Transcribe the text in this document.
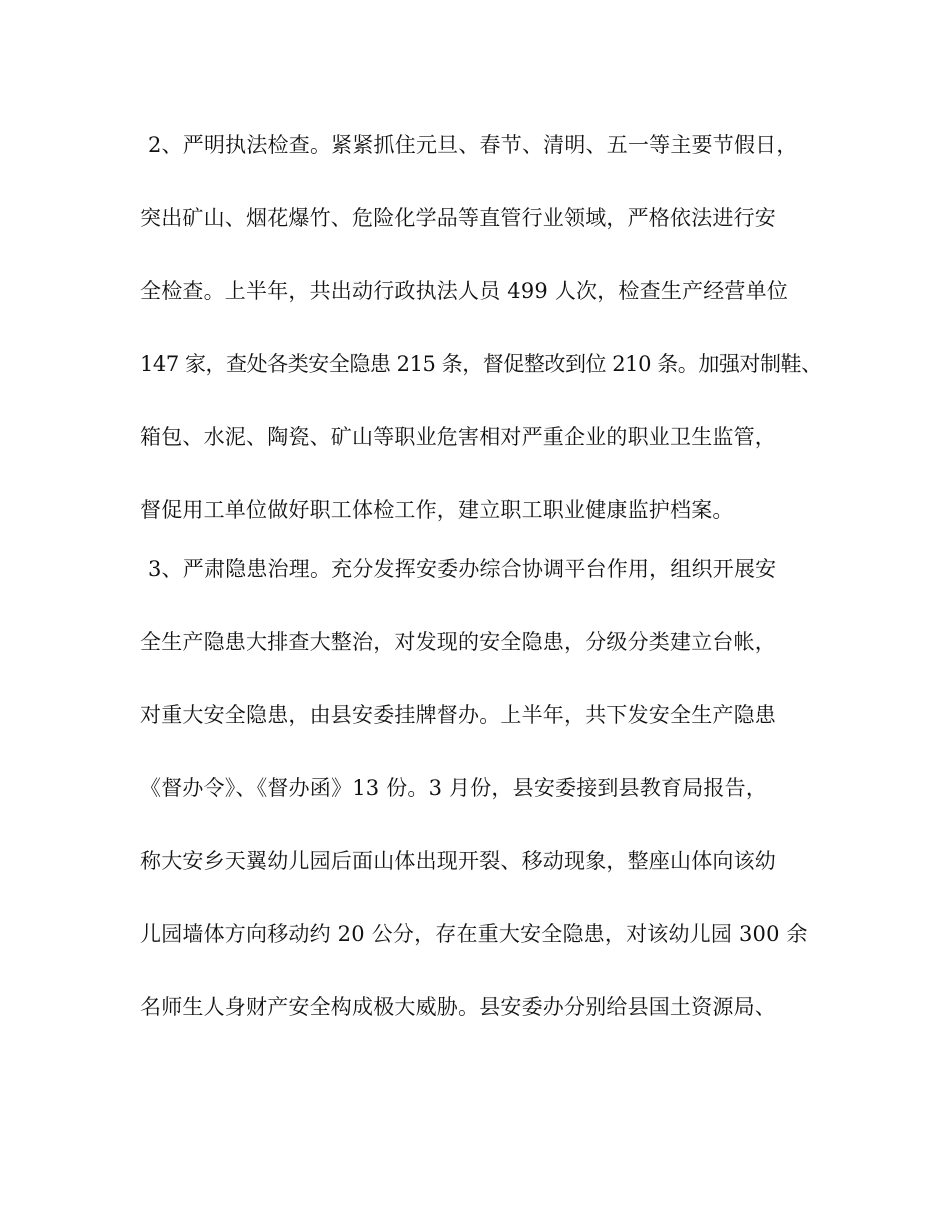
2、严明执法检查。紧紧抓住元旦、春节、清明、五一等主要节假日，
突出矿山、烟花爆竹、危险化学品等直管行业领域，严格依法进行安
全检查。上半年，共出动行政执法人员 499 人次，检查生产经营单位
147 家，查处各类安全隐患 215 条，督促整改到位 210 条。加强对制鞋、
箱包、水泥、陶瓷、矿山等职业危害相对严重企业的职业卫生监管，
督促用工单位做好职工体检工作，建立职工职业健康监护档案。
3、严肃隐患治理。充分发挥安委办综合协调平台作用，组织开展安
全生产隐患大排查大整治，对发现的安全隐患，分级分类建立台帐，
对重大安全隐患，由县安委挂牌督办。上半年，共下发安全生产隐患
《督办令》、《督办函》13 份。3 月份，县安委接到县教育局报告，
称大安乡天翼幼儿园后面山体出现开裂、移动现象，整座山体向该幼
儿园墙体方向移动约 20 公分，存在重大安全隐患，对该幼儿园 300 余
名师生人身财产安全构成极大威胁。县安委办分别给县国土资源局、
